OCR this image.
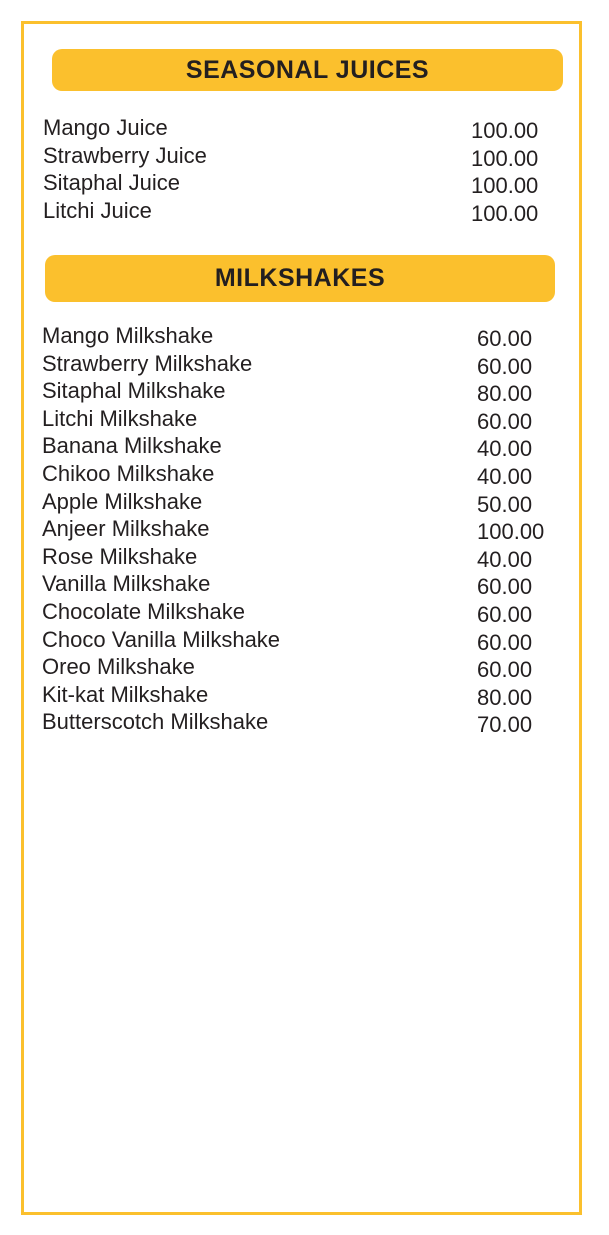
SEASONAL JUICES
Mango Juice	100.00
Strawberry Juice	100.00
Sitaphal Juice	100.00
Litchi Juice	100.00
MILKSHAKES
Mango Milkshake	60.00
Strawberry Milkshake	60.00
Sitaphal Milkshake	80.00
Litchi Milkshake	60.00
Banana Milkshake	40.00
Chikoo Milkshake	40.00
Apple Milkshake	50.00
Anjeer Milkshake	100.00
Rose Milkshake	40.00
Vanilla Milkshake	60.00
Chocolate Milkshake	60.00
Choco Vanilla Milkshake	60.00
Oreo Milkshake	60.00
Kit-kat Milkshake	80.00
Butterscotch Milkshake	70.00
